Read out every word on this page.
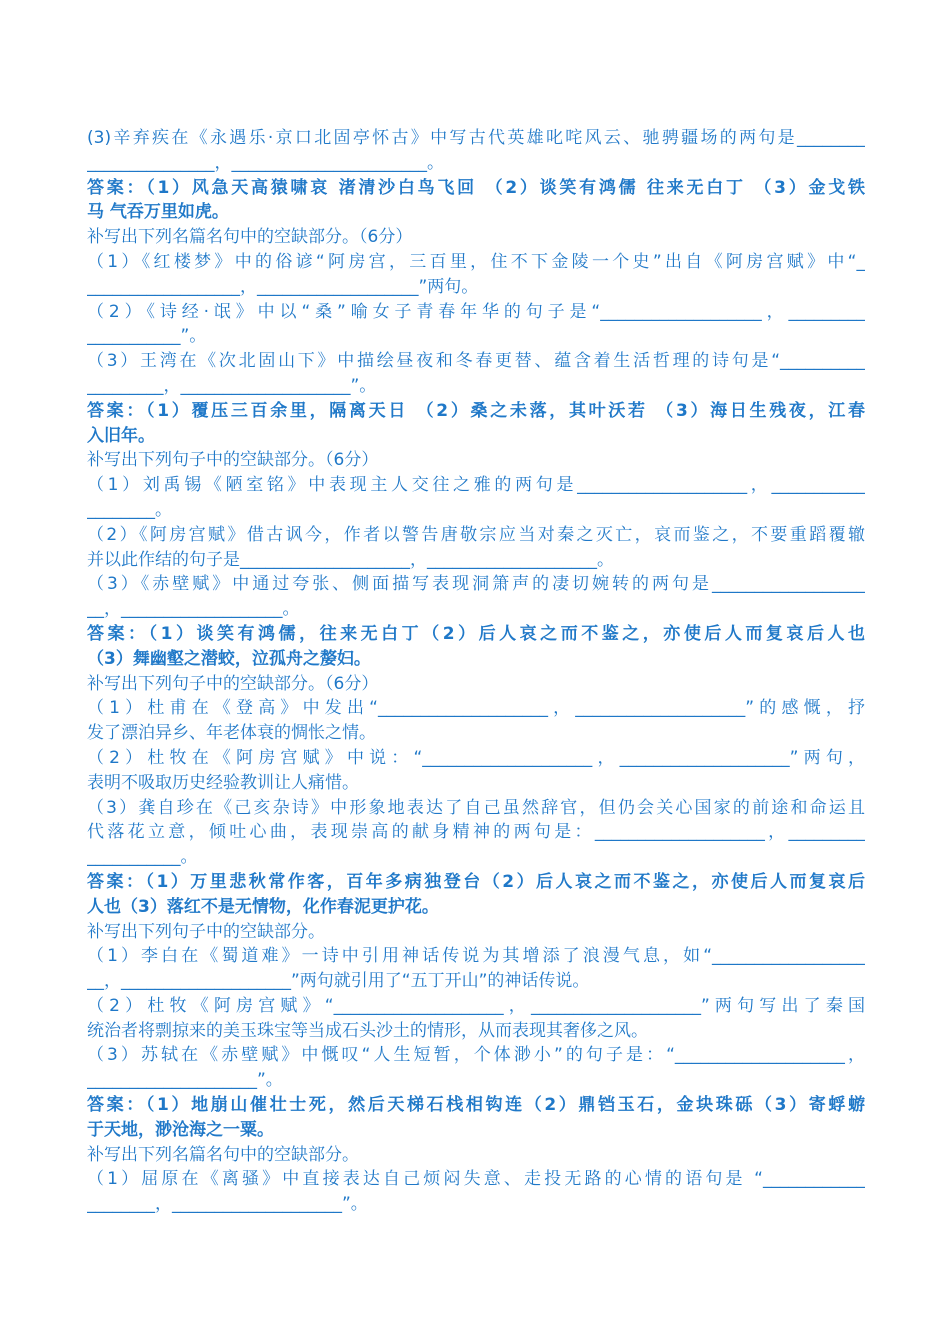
(3)辛弃疾在《永遇乐·京口北固亭怀古》中写古代英雄叱咤风云、驰骋疆场的两句是________
_______________，_______________________。
答案：（1）风急天高猿啸哀 渚清沙白鸟飞回 （2）谈笑有鸿儒 往来无白丁 （3）金戈铁
马 气吞万里如虎。
补写出下列名篇名句中的空缺部分。（6分）
（1）《红楼梦》中的俗谚“阿房宫，三百里，住不下金陵一个史”出自《阿房宫赋》中“_
__________________，___________________”两句。
（2）《诗经·氓》中以“桑”喻女子青春年华的句子是“___________________，_________
___________”。
（3）王湾在《次北固山下》中描绘昼夜和冬春更替、蕴含着生活哲理的诗句是“__________
_________，____________________”。
答案：（1）覆压三百余里，隔离天日 （2）桑之未落，其叶沃若 （3）海日生残夜，江春
入旧年。
补写出下列句子中的空缺部分。（6分）
（1）刘禹锡《陋室铭》中表现主人交往之雅的两句是____________________，___________
________。
（2）《阿房宫赋》借古讽今，作者以警告唐敬宗应当对秦之灭亡，哀而鉴之，不要重蹈覆辙
并以此作结的句子是____________________，____________________。
（3）《赤壁赋》中通过夸张、侧面描写表现洞箫声的凄切婉转的两句是__________________
__，___________________。
答案：（1）谈笑有鸿儒，往来无白丁（2）后人哀之而不鉴之，亦使后人而复哀后人也
（3）舞幽壑之潜蛟，泣孤舟之嫠妇。
补写出下列句子中的空缺部分。（6分）
（1）杜甫在《登高》中发出“____________________，____________________”的感慨，抒
发了漂泊异乡、年老体衰的惆怅之情。
（2）杜牧在《阿房宫赋》中说：“____________________，____________________”两句，
表明不吸取历史经验教训让人痛惜。
（3）龚自珍在《己亥杂诗》中形象地表达了自己虽然辞官，但仍会关心国家的前途和命运且
代落花立意，倾吐心曲，表现崇高的献身精神的两句是：____________________，_________
___________。
答案：（1）万里悲秋常作客，百年多病独登台（2）后人哀之而不鉴之，亦使后人而复哀后
人也（3）落红不是无情物，化作春泥更护花。
补写出下列句子中的空缺部分。
（1）李白在《蜀道难》一诗中引用神话传说为其增添了浪漫气息，如“__________________
__，____________________”两句就引用了“五丁开山”的神话传说。
（2）杜牧《阿房宫赋》“____________________，____________________”两句写出了秦国
统治者将剽掠来的美玉珠宝等当成石头沙土的情形，从而表现其奢侈之风。
（3）苏轼在《赤壁赋》中慨叹“人生短暂，个体渺小”的句子是：“____________________，
____________________”。
答案：（1）地崩山催壮士死，然后天梯石栈相钩连（2）鼎铛玉石，金块珠砾（3）寄蜉蝣
于天地，渺沧海之一粟。
补写出下列名篇名句中的空缺部分。
（1）屈原在《离骚》中直接表达自己烦闷失意、走投无路的心情的语句是 “____________
________，____________________”。
